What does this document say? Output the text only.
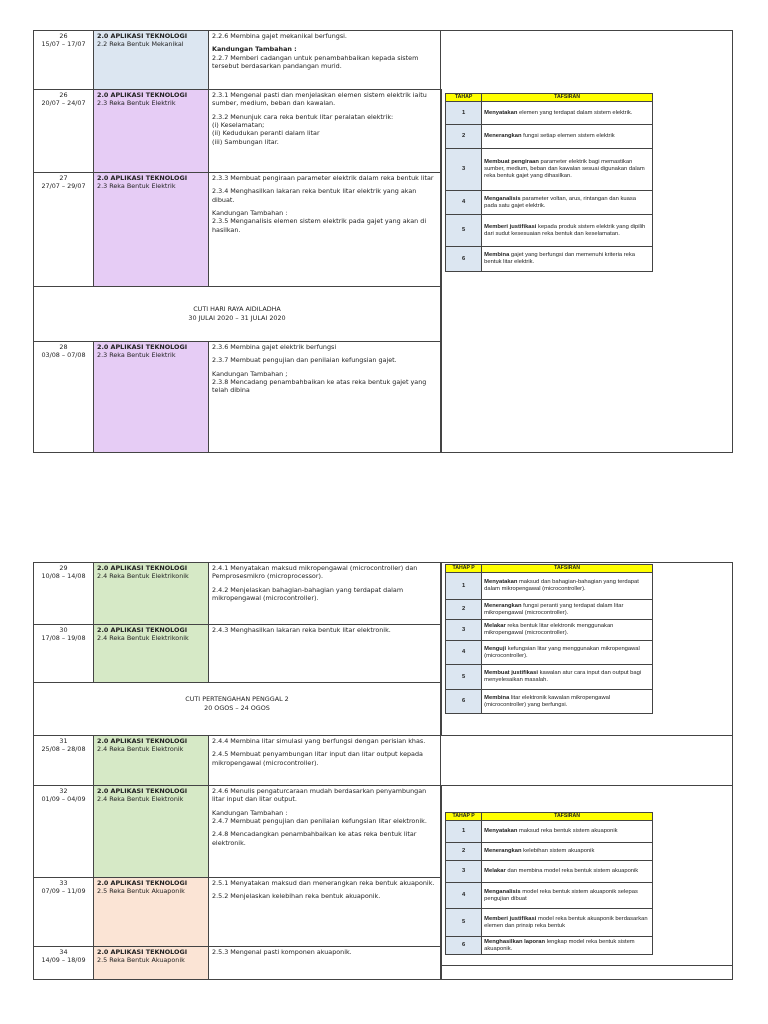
26
15/07 – 17/07
2.0 APLIKASI TEKNOLOGI
2.2 Reka Bentuk Mekanikal

2.2.6 Membina gajet mekanikal berfungsi.

Kandungan Tambahan :

2.2.7 Memberi cadangan untuk penambahbaikan kepada sistem tersebut berdasarkan pandangan murid.

26
20/07 – 24/07
2.0 APLIKASI TEKNOLOGI
2.3 Reka Bentuk Elektrik

2.3.1 Mengenal pasti dan menjelaskan elemen sistem elektrik iaitu sumber, medium, beban dan kawalan.

2.3.2 Menunjuk cara reka bentuk litar peralatan elektrik:
(i) Keselamatan;
(ii) Kedudukan peranti dalam litar
(iii) Sambungan litar.

27
27/07 – 29/07
2.0 APLIKASI TEKNOLOGI
2.3 Reka Bentuk Elektrik

2.3.3 Membuat pengiraan parameter elektrik dalam reka bentuk litar

2.3.4 Menghasilkan lakaran reka bentuk litar elektrik yang akan dibuat.

Kandungan Tambahan :
2.3.5 Menganalisis elemen sistem elektrik pada gajet yang akan di hasilkan.

CUTI HARI RAYA AIDILADHA
30 JULAI 2020 – 31 JULAI 2020
28
03/08 – 07/08
2.0 APLIKASI TEKNOLOGI
2.3 Reka Bentuk Elektrik

2.3.6 Membina gajet elektrik berfungsi

2.3.7 Membuat pengujian dan penilaian kefungsian gajet.

Kandungan Tambahan ;
2.3.8 Mencadang penambahbaikan ke atas reka bentuk gajet yang telah dibina

TAHAP	TAFSIRAN
1	Menyatakan elemen yang terdapat dalam sistem elektrik.
2	Menerangkan fungsi setiap elemen sistem elektrik
3	Membuat pengiraan parameter elektrik bagi memastikan sumber, medium, beban dan kawalan sesuai digunakan dalam reka bentuk gajet yang dihasilkan.
4	Menganalisis parameter voltan, arus, rintangan dan kuasa pada satu gajet elektrik.
5	Memberi justifikasi kepada produk sistem elektrik yang dipilih dari sudut kesesuaian reka bentuk dan keselamatan.
6	Membina gajet yang berfungsi dan memenuhi kriteria reka bentuk litar elektrik.
29
10/08 – 14/08
2.0 APLIKASI TEKNOLOGI
2.4 Reka Bentuk Elektrikonik

2.4.1 Menyatakan maksud mikropengawal (microcontroller) dan Pemprosesmikro (microprocessor).

2.4.2 Menjelaskan bahagian-bahagian yang terdapat dalam mikropengawal (microcontroller).

30
17/08 – 19/08
2.0 APLIKASI TEKNOLOGI
2.4 Reka Bentuk Elektrikonik

2.4.3 Menghasilkan lakaran reka bentuk litar elektronik.

CUTI PERTENGAHAN PENGGAL 2
20 OGOS – 24 OGOS
31
25/08 – 28/08
2.0 APLIKASI TEKNOLOGI
2.4 Reka Bentuk Elektronik

2.4.4 Membina litar simulasi yang berfungsi dengan perisian khas.

2.4.5 Membuat penyambungan litar input dan litar output kepada mikropengawal (microcontroller).

32
01/09 – 04/09
2.0 APLIKASI TEKNOLOGI
2.4 Reka Bentuk Elektronik

2.4.6 Menulis pengaturcaraan mudah berdasarkan penyambungan litar input dan litar output.

Kandungan Tambahan :
2.4.7 Membuat pengujian dan penilaian kefungsian litar elektronik.

2.4.8 Mencadangkan penambahbaikan ke atas reka bentuk litar elektronik.

33
07/09 – 11/09
2.0 APLIKASI TEKNOLOGI
2.5 Reka Bentuk Akuaponik

2.5.1 Menyatakan maksud dan menerangkan reka bentuk akuaponik.

2.5.2 Menjelaskan kelebihan reka bentuk akuaponik.

34
14/09 – 18/09
2.0 APLIKASI TEKNOLOGI
2.5 Reka Bentuk Akuaponik

2.5.3 Mengenal pasti komponen akuaponik.

TAHAP P	TAFSIRAN
1	Menyatakan maksud dan bahagian-bahagian yang terdapat dalam mikropengawal (microcontroller).
2	Menerangkan fungsi peranti yang terdapat dalam litar mikropengawal (microcontroller).
3	Melakar reka bentuk litar elektronik menggunakan mikropengawal (microcontroller).
4	Menguji kefungsian litar yang menggunakan mikropengawal (microcontroller).
5	Membuat justifikasi kawalan atur cara input dan output bagi menyelesaikan masalah.
6	Membina litar elektronik kawalan mikropengawal (microcontroller) yang berfungsi.
TAHAP P	TAFSIRAN
1	Menyatakan maksud reka bentuk sistem akuaponik
2	Menerangkan kelebihan sistem akuaponik
3	Melakar dan membina model reka bentuk sistem akuaponik
4	Menganalisis model reka bentuk sistem akuaponik selepas pengujian dibuat
5	Memberi justifikasi model reka bentuk akuaponik berdasarkan elemen dan prinsip reka bentuk
6	Menghasilkan laporan lengkap model reka bentuk sistem akuaponik.
